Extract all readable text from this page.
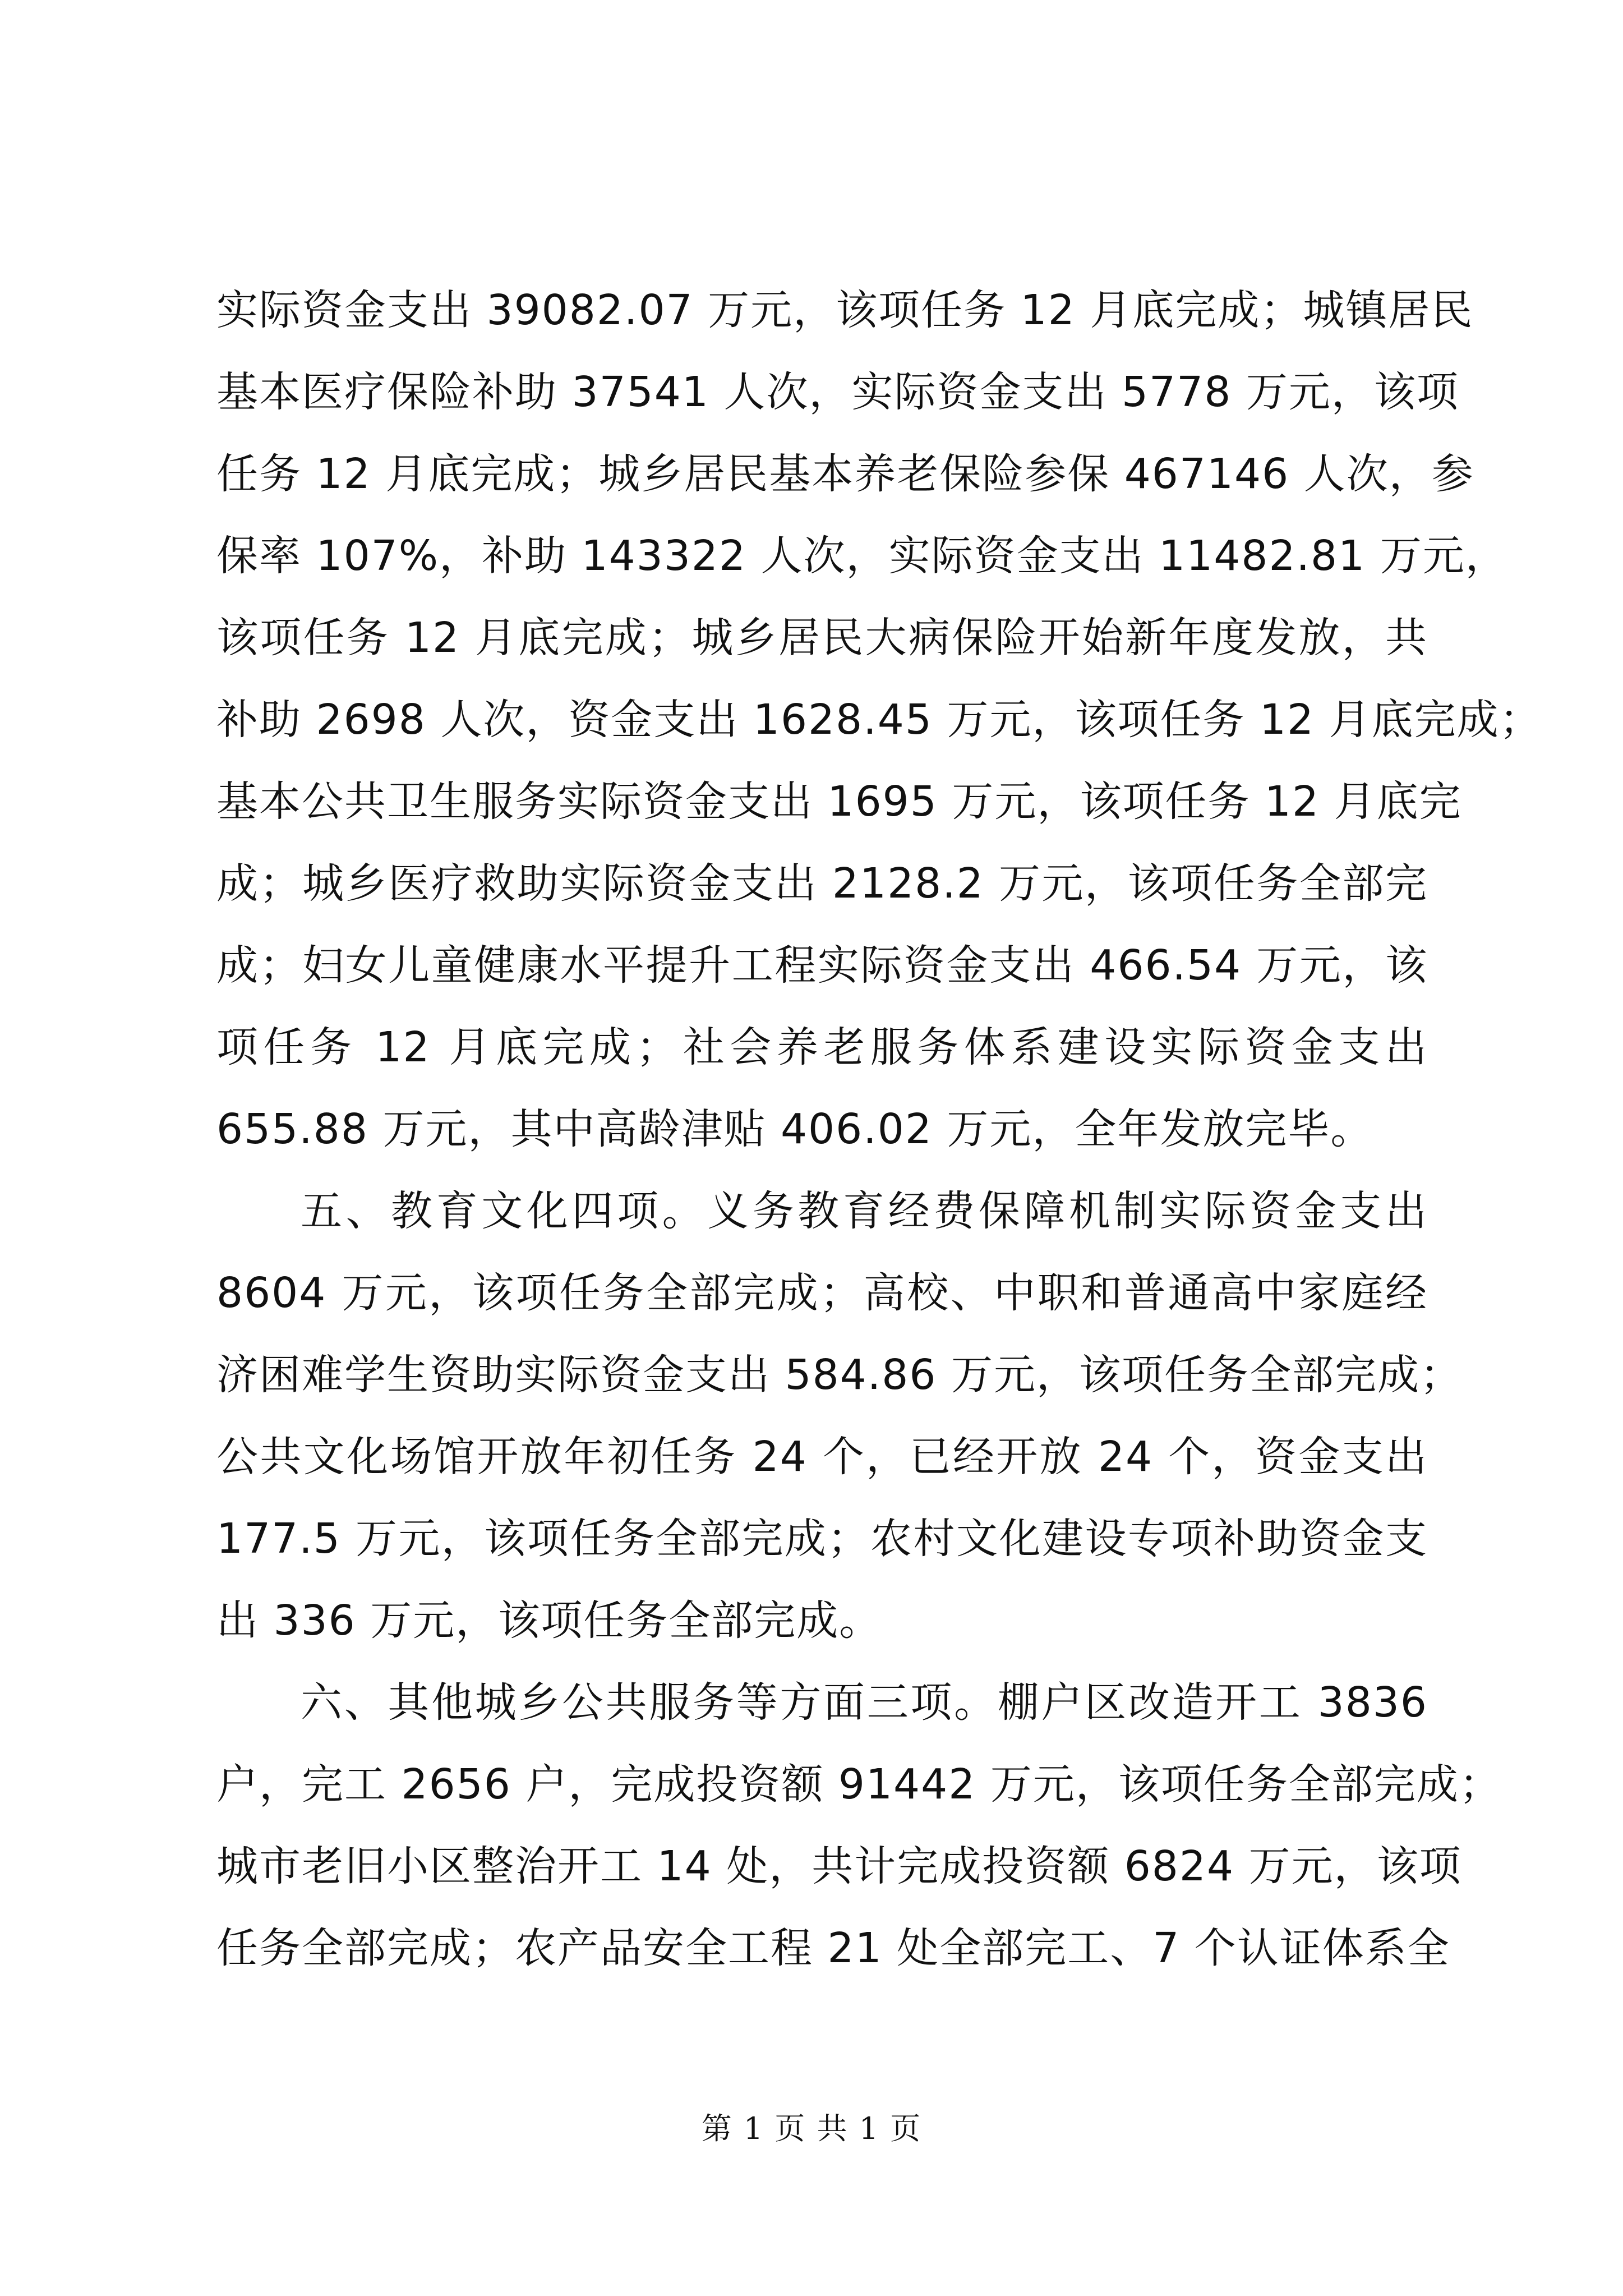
实际资金支出 39082.07 万元，该项任务 12 月底完成；城镇居民
基本医疗保险补助 37541 人次，实际资金支出 5778 万元，该项
任务 12 月底完成；城乡居民基本养老保险参保 467146 人次，参
保率 107%，补助 143322 人次，实际资金支出 11482.81 万元，
该项任务 12 月底完成；城乡居民大病保险开始新年度发放，共
补助 2698 人次，资金支出 1628.45 万元，该项任务 12 月底完成；
基本公共卫生服务实际资金支出 1695 万元，该项任务 12 月底完
成；城乡医疗救助实际资金支出 2128.2 万元，该项任务全部完
成；妇女儿童健康水平提升工程实际资金支出 466.54 万元，该
项任务 12 月底完成；社会养老服务体系建设实际资金支出
655.88 万元，其中高龄津贴 406.02 万元，全年发放完毕。
五、教育文化四项。义务教育经费保障机制实际资金支出
8604 万元，该项任务全部完成；高校、中职和普通高中家庭经
济困难学生资助实际资金支出 584.86 万元，该项任务全部完成；
公共文化场馆开放年初任务 24 个，已经开放 24 个，资金支出
177.5 万元，该项任务全部完成；农村文化建设专项补助资金支
出 336 万元，该项任务全部完成。
六、其他城乡公共服务等方面三项。棚户区改造开工 3836
户，完工 2656 户，完成投资额 91442 万元，该项任务全部完成；
城市老旧小区整治开工 14 处，共计完成投资额 6824 万元，该项
任务全部完成；农产品安全工程 21 处全部完工、7 个认证体系全
第 1 页 共 1 页
